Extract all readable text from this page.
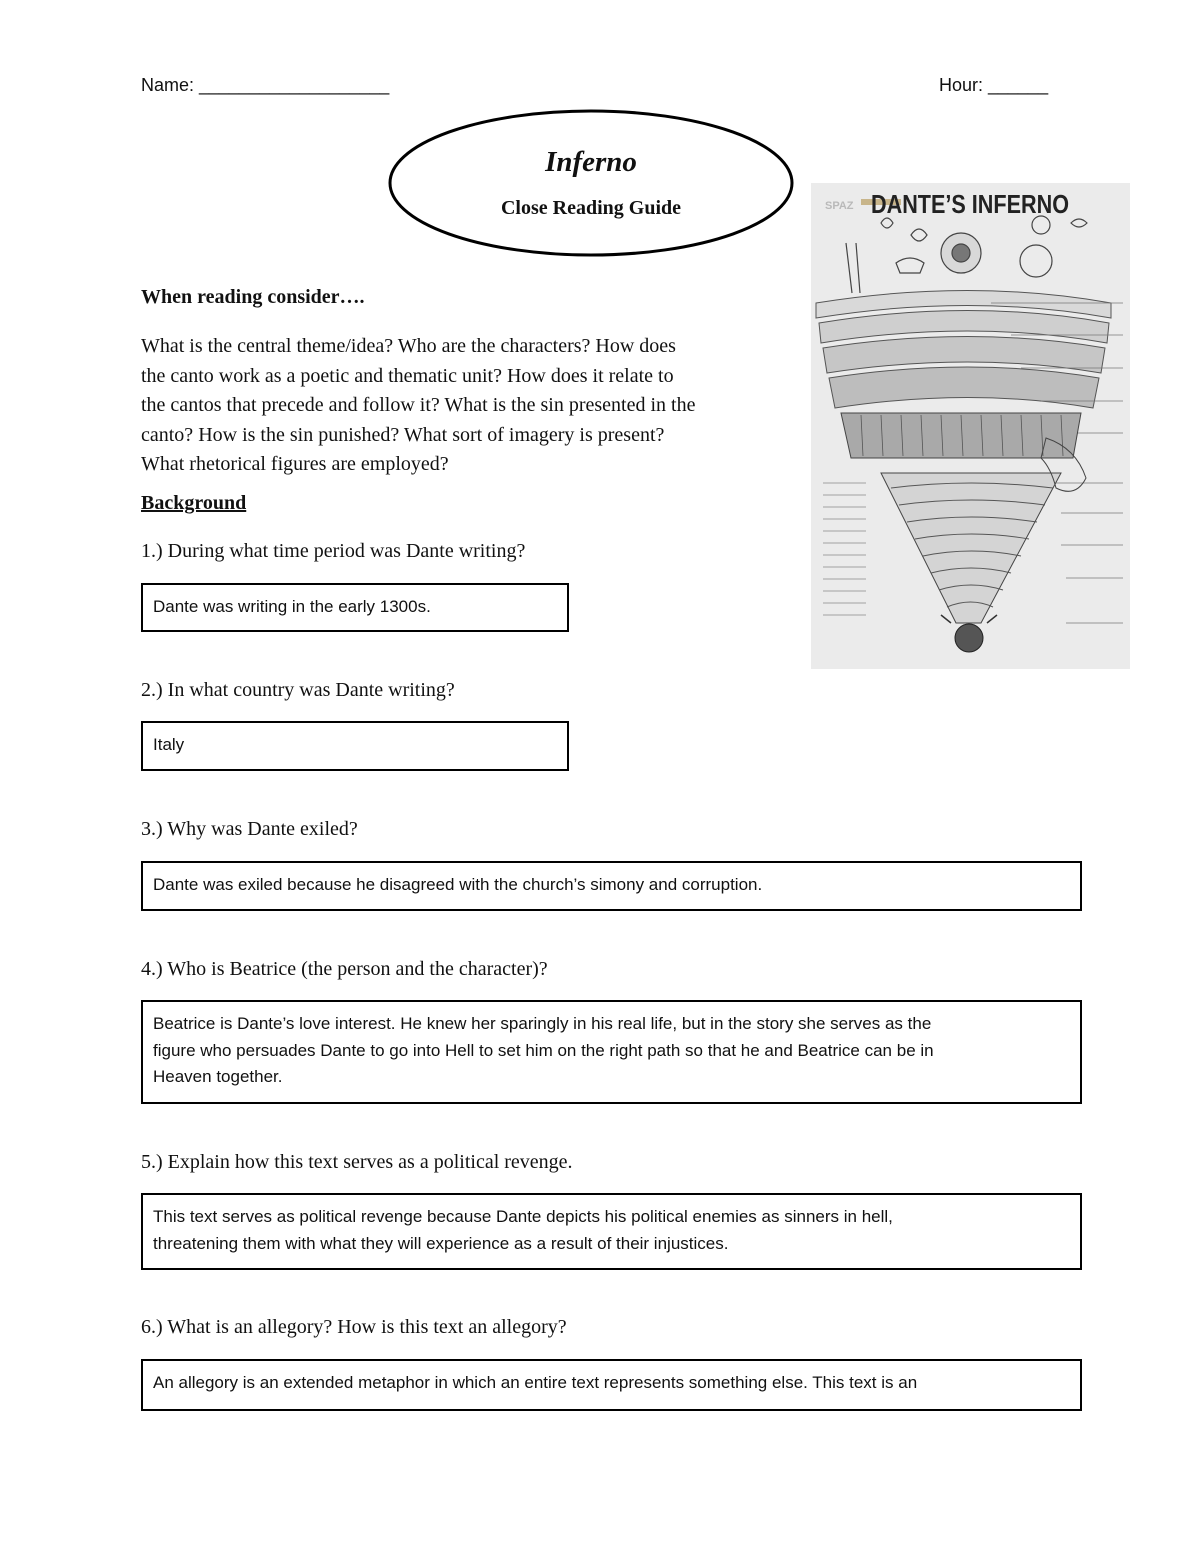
Name: ___________________	Hour: ______
Inferno
Close Reading Guide
When reading consider….
What is the central theme/idea? Who are the characters? How does
the canto work as a poetic and thematic unit? How does it relate to
the cantos that precede and follow it? What is the sin presented in the
canto? How is the sin punished? What sort of imagery is present?
What rhetorical figures are employed?
SPAZ DANTE’S INFERNO
Background
1.) During what time period was Dante writing?
Dante was writing in the early 1300s.
2.) In what country was Dante writing?
Italy
3.) Why was Dante exiled?
Dante was exiled because he disagreed with the church’s simony and corruption.
4.) Who is Beatrice (the person and the character)?
Beatrice is Dante’s love interest. He knew her sparingly in his real life, but in the story she serves as the
figure who persuades Dante to go into Hell to set him on the right path so that he and Beatrice can be in
Heaven together.
5.) Explain how this text serves as a political revenge.
This text serves as political revenge because Dante depicts his political enemies as sinners in hell,
threatening them with what they will experience as a result of their injustices.
6.) What is an allegory? How is this text an allegory?
An allegory is an extended metaphor in which an entire text represents something else. This text is an
